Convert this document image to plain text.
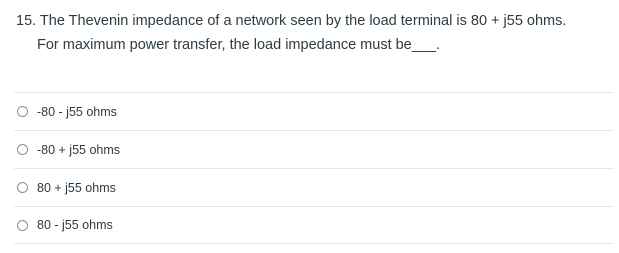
15. The Thevenin impedance of a network seen by the load terminal is 80 + j55 ohms.
For maximum power transfer, the load impedance must be___.
-80 - j55 ohms
-80 + j55 ohms
80 + j55 ohms
80 - j55 ohms
